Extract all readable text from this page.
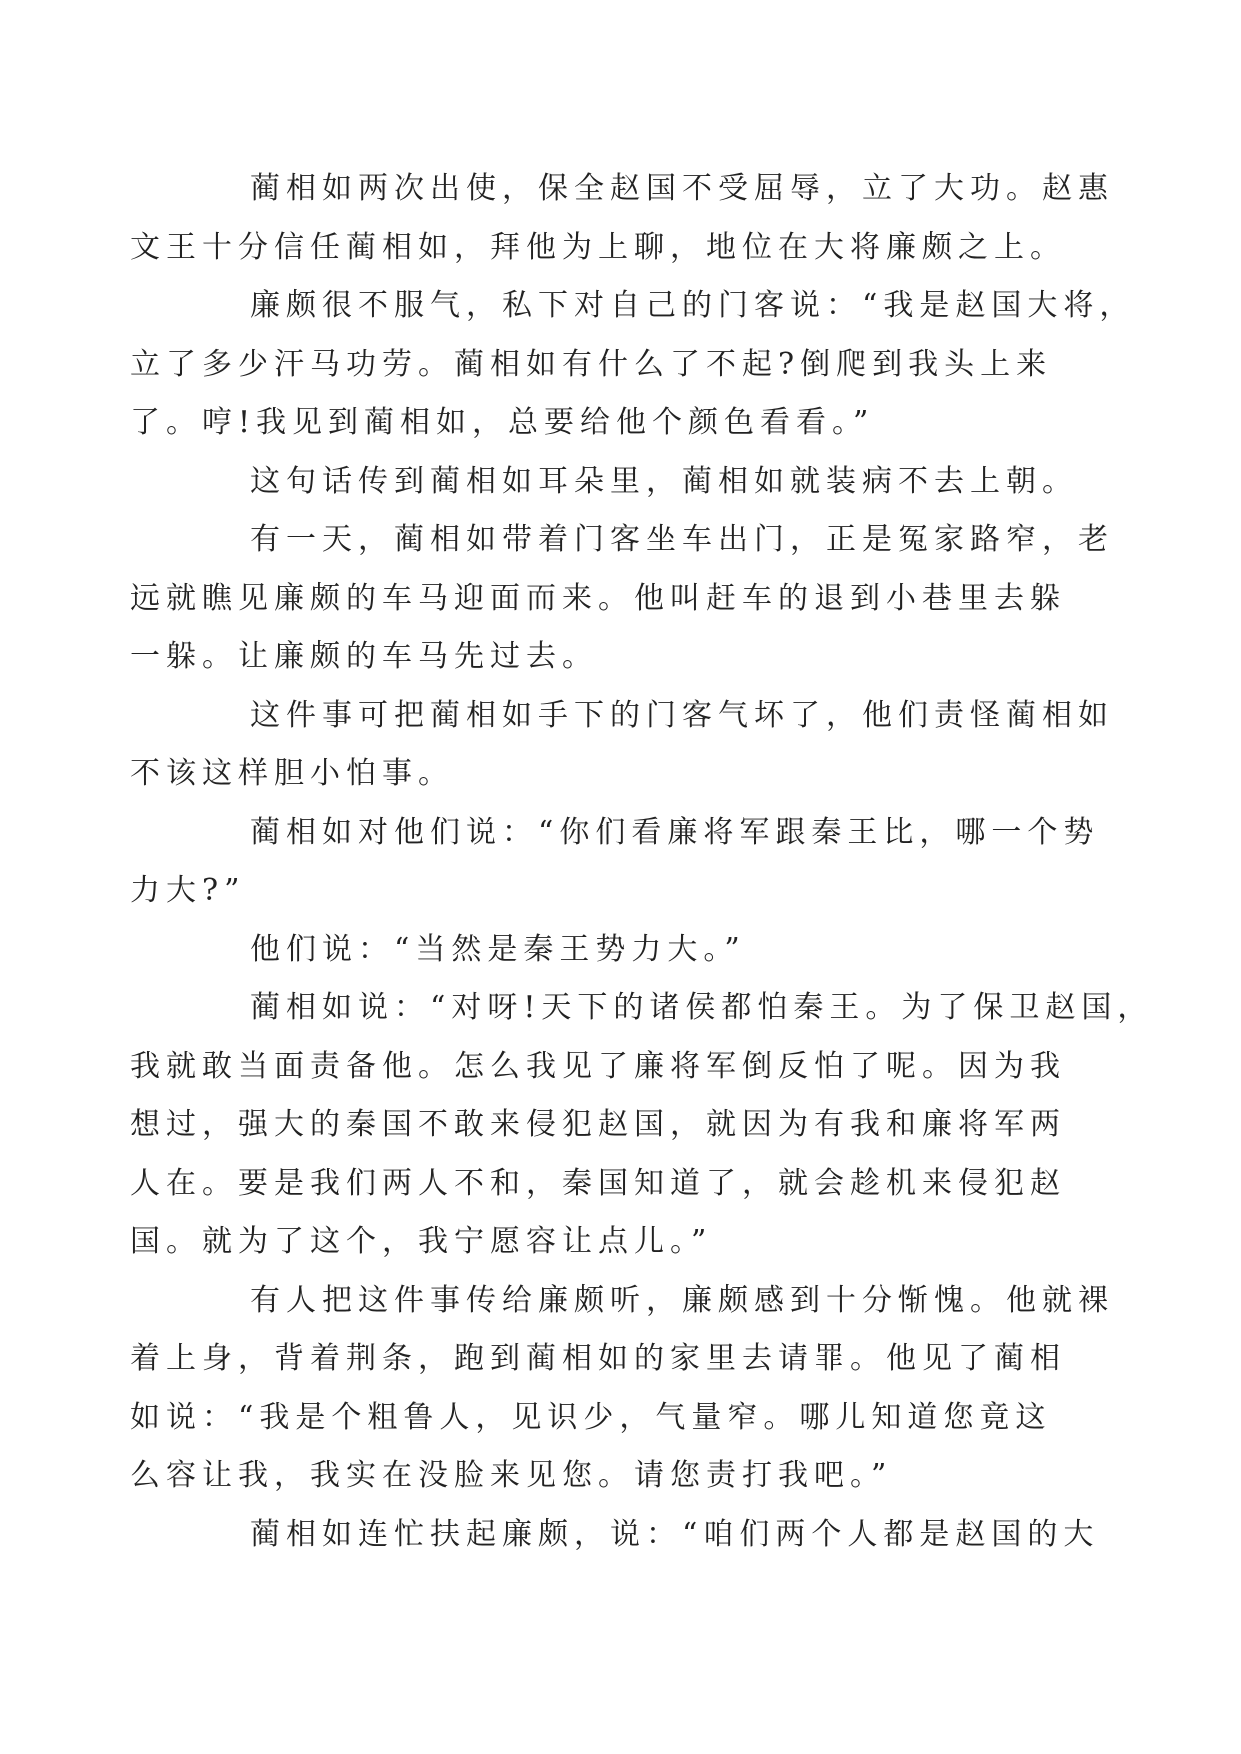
蔺相如两次出使，保全赵国不受屈辱，立了大功。赵惠
文王十分信任蔺相如，拜他为上聊，地位在大将廉颇之上。

廉颇很不服气，私下对自己的门客说：“我是赵国大将，
立了多少汗马功劳。蔺相如有什么了不起?倒爬到我头上来
了。哼!我见到蔺相如，总要给他个颜色看看。”

这句话传到蔺相如耳朵里，蔺相如就装病不去上朝。

有一天，蔺相如带着门客坐车出门，正是冤家路窄，老
远就瞧见廉颇的车马迎面而来。他叫赶车的退到小巷里去躲
一躲。让廉颇的车马先过去。

这件事可把蔺相如手下的门客气坏了，他们责怪蔺相如
不该这样胆小怕事。

蔺相如对他们说：“你们看廉将军跟秦王比，哪一个势
力大?”

他们说：“当然是秦王势力大。”

蔺相如说：“对呀!天下的诸侯都怕秦王。为了保卫赵国，
我就敢当面责备他。怎么我见了廉将军倒反怕了呢。因为我
想过，强大的秦国不敢来侵犯赵国，就因为有我和廉将军两
人在。要是我们两人不和，秦国知道了，就会趁机来侵犯赵
国。就为了这个，我宁愿容让点儿。”

有人把这件事传给廉颇听，廉颇感到十分惭愧。他就裸
着上身，背着荆条，跑到蔺相如的家里去请罪。他见了蔺相
如说：“我是个粗鲁人，见识少，气量窄。哪儿知道您竟这
么容让我，我实在没脸来见您。请您责打我吧。”

蔺相如连忙扶起廉颇，说：“咱们两个人都是赵国的大
